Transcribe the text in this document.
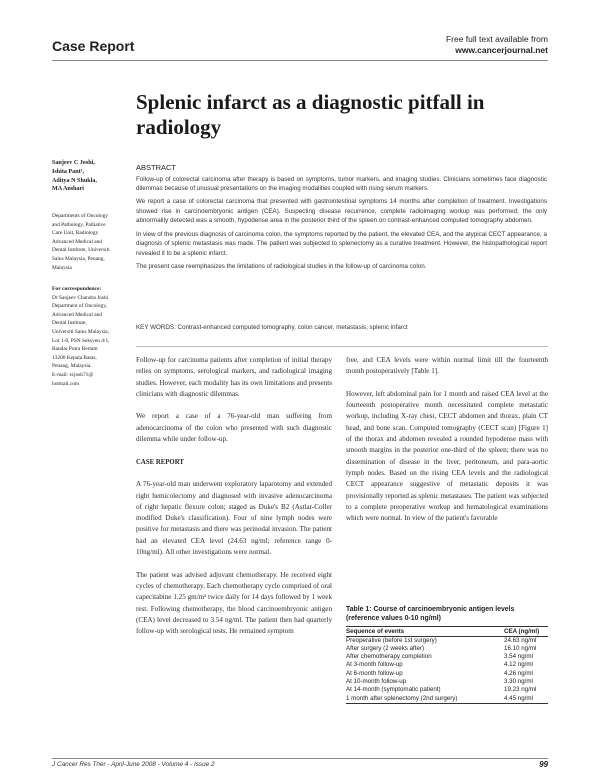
Case Report	Free full text available from
www.cancerjournal.net
Splenic infarct as a diagnostic pitfall in radiology
Sanjeev C Joshi,
Ishita Pant¹,
Aditya N Shukla,
MA Anshari
Departments of Oncology
and Pathology, Palliative
Care Unit, Radiology
Advanced Medical and
Dental Institute, Universiti
Sains Malaysia, Penang,
Malaysia
For correspondence:
Dr Sanjeev Chandra Joshi
Department of Oncology,
Advanced Medical and
Dental Institute,
Universiti Sains Malaysia,
Lot 1-8, PSN Seksyen 4/1,
Bandar Putra Bertam
13200 Kepala Batas,
Penang, Malaysia.
E-mail: scjosh71@
hotmail.com
ABSTRACT

Follow-up of colorectal carcinoma after therapy is based on symptoms, tumor markers, and imaging studies. Clinicians sometimes face diagnostic dilemmas because of unusual presentations on the imaging modalities coupled with rising serum markers.

We report a case of colorectal carcinoma that presented with gastrointestinal symptoms 14 months after completion of treatment. Investigations showed rise in carcinoembryonic antigen (CEA). Suspecting disease recurrence, complete radioimaging workup was performed; the only abnormality detected was a smooth, hypodense area in the posterior third of the spleen on contrast-enhanced computed tomography abdomen.

In view of the previous diagnosis of carcinoma colon, the symptoms reported by the patient, the elevated CEA, and the atypical CECT appearance, a diagnosis of splenic metastasis was made. The patient was subjected to splenectomy as a curative treatment. However, the histopathological report revealed it to be a splenic infarct.

The present case reemphasizes the limitations of radiological studies in the follow-up of carcinoma colon.

KEY WORDS: Contrast-enhanced computed tomography, colon cancer, metastasis, splenic infarct

Follow-up for carcinoma patients after completion of initial therapy relies on symptoms, serological markers, and radiological imaging studies. However, each modality has its own limitations and presents clinicians with diagnostic dilemmas.

We report a case of a 76-year-old man suffering from adenocarcinoma of the colon who presented with such diagnostic dilemma while under follow-up.

CASE REPORT

A 76-year-old man underwent exploratory laparotomy and extended right hemicolectomy and diagnosed with invasive adenocarcinoma of right hepatic flexure colon; staged as Duke's B2 (Astlar-Coller modified Duke's classification). Four of nine lymph nodes were positive for metastasis and there was perinodal invasion. The patient had an elevated CEA level (24.63 ng/ml; reference range 0-10ng/ml). All other investigations were normal.

The patient was advised adjuvant chemotherapy. He received eight cycles of chemotherapy. Each chemotherapy cycle comprised of oral capecitabine 1.25 gm/m² twice daily for 14 days followed by 1 week rest. Following chemotherapy, the blood carcinoembryonic antigen (CEA) level decreased to 3.54 ng/ml. The patient then had quarterly follow-up with serological tests. He remained symptom

free, and CEA levels were within normal limit till the fourteenth month postoperatively [Table 1].

However, left abdominal pain for 1 month and raised CEA level at the fourteenth postoperative month necessitated complete metastatic workup, including X-ray chest, CECT abdomen and thorax, plain CT head, and bone scan. Computed tomography (CECT scan) [Figure 1] of the thorax and abdomen revealed a rounded hypodense mass with smooth margins in the posterior one-third of the spleen; there was no dissemination of disease in the liver, peritoneum, and para-aortic lymph nodes. Based on the rising CEA levels and the radiological CECT appearance suggestive of metastatic deposits it was provisionally reported as splenic metastases. The patient was subjected to a complete preoperative workup and hematological examinations which were normal. In view of the patient's favorable

Table 1: Course of carcinoembryonic antigen levels (reference values 0-10 ng/ml)
Sequence of events	CEA (ng/ml)
Preoperative (before 1st surgery)	24.63 ng/ml
After surgery (2 weeks after)	16.10 ng/ml
After chemotherapy completion	3.54 ng/ml
At 3-month follow-up	4.12 ng/ml
At 6-month follow-up	4.26 ng/ml
At 10-month follow-up	3.30 ng/ml
At 14-month (symptomatic patient)	19.23 ng/ml
1 month after splenectomy (2nd surgery)	4.45 ng/ml
J Cancer Res Ther - April-June 2008 - Volume 4 - Issue 2	99
